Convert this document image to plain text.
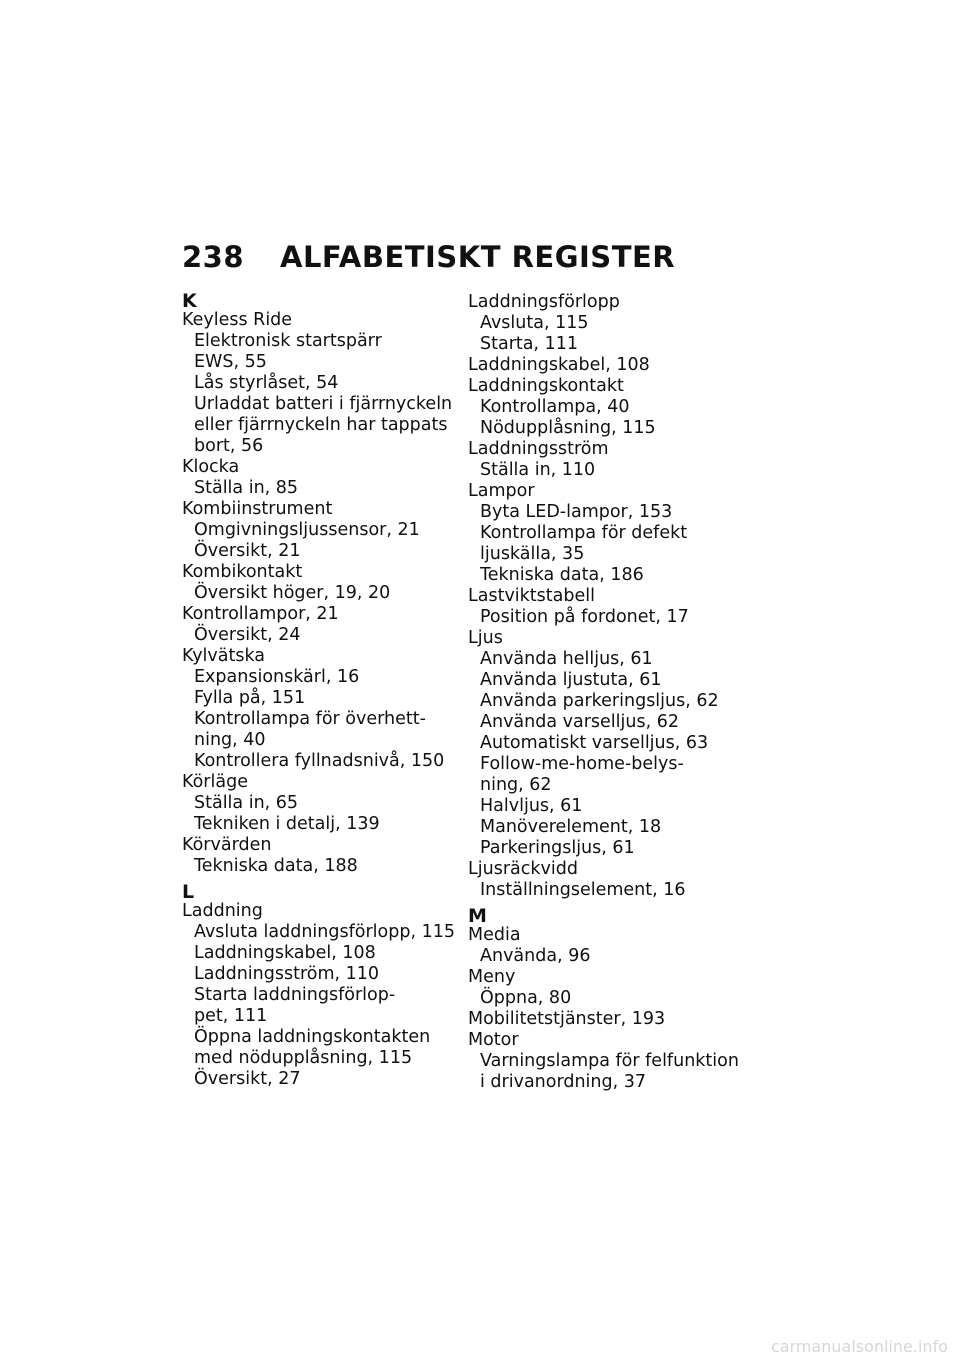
238 ALFABETISKT REGISTER
K
Keyless Ride
Elektronisk startspärr
EWS, 55
Lås styrlåset, 54
Urladdat batteri i fjärrnyckeln
eller fjärrnyckeln har tappats
bort, 56
Klocka
Ställa in, 85
Kombiinstrument
Omgivningsljussensor, 21
Översikt, 21
Kombikontakt
Översikt höger, 19, 20
Kontrollampor, 21
Översikt, 24
Kylvätska
Expansionskärl, 16
Fylla på, 151
Kontrollampa för överhett-
ning, 40
Kontrollera fyllnadsnivå, 150
Körläge
Ställa in, 65
Tekniken i detalj, 139
Körvärden
Tekniska data, 188
L
Laddning
Avsluta laddningsförlopp, 115
Laddningskabel, 108
Laddningsström, 110
Starta laddningsförlop-
pet, 111
Öppna laddningskontakten
med nödupplåsning, 115
Översikt, 27
Laddningsförlopp
Avsluta, 115
Starta, 111
Laddningskabel, 108
Laddningskontakt
Kontrollampa, 40
Nödupplåsning, 115
Laddningsström
Ställa in, 110
Lampor
Byta LED-lampor, 153
Kontrollampa för defekt
ljuskälla, 35
Tekniska data, 186
Lastviktstabell
Position på fordonet, 17
Ljus
Använda helljus, 61
Använda ljustuta, 61
Använda parkeringsljus, 62
Använda varselljus, 62
Automatiskt varselljus, 63
Follow-me-home-belys-
ning, 62
Halvljus, 61
Manöverelement, 18
Parkeringsljus, 61
Ljusräckvidd
Inställningselement, 16
M
Media
Använda, 96
Meny
Öppna, 80
Mobilitetstjänster, 193
Motor
Varningslampa för felfunktion
i drivanordning, 37
carmanualsonline.info
